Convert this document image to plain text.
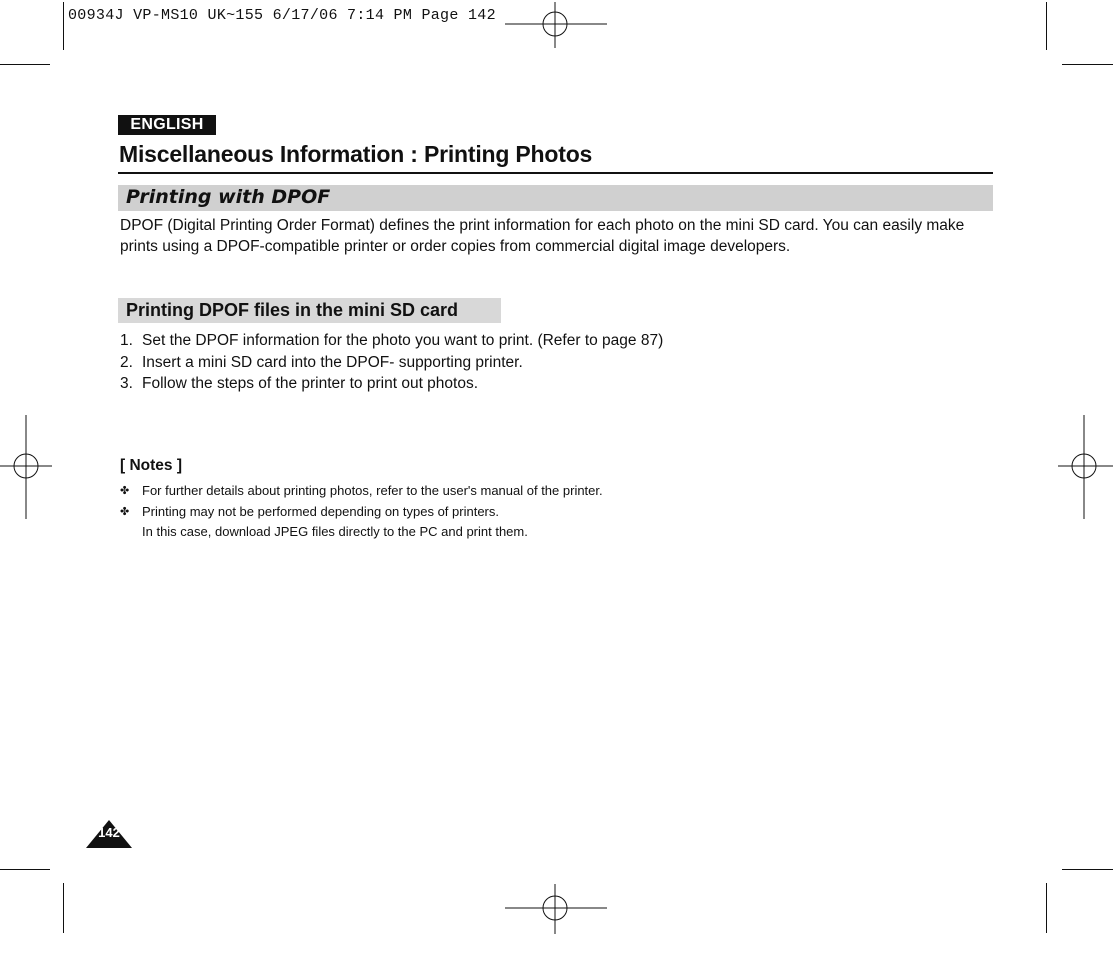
00934J VP-MS10 UK~155 6/17/06 7:14 PM Page 142
ENGLISH
Miscellaneous Information : Printing Photos
Printing with DPOF
DPOF (Digital Printing Order Format) defines the print information for each photo on the mini SD card. You can easily make prints using a DPOF-compatible printer or order copies from commercial digital image developers.
Printing DPOF files in the mini SD card
1. Set the DPOF information for the photo you want to print. (Refer to page 87)
2. Insert a mini SD card into the DPOF- supporting printer.
3. Follow the steps of the printer to print out photos.
[ Notes ]
✤ For further details about printing photos, refer to the user's manual of the printer.
✤ Printing may not be performed depending on types of printers.
In this case, download JPEG files directly to the PC and print them.
142
